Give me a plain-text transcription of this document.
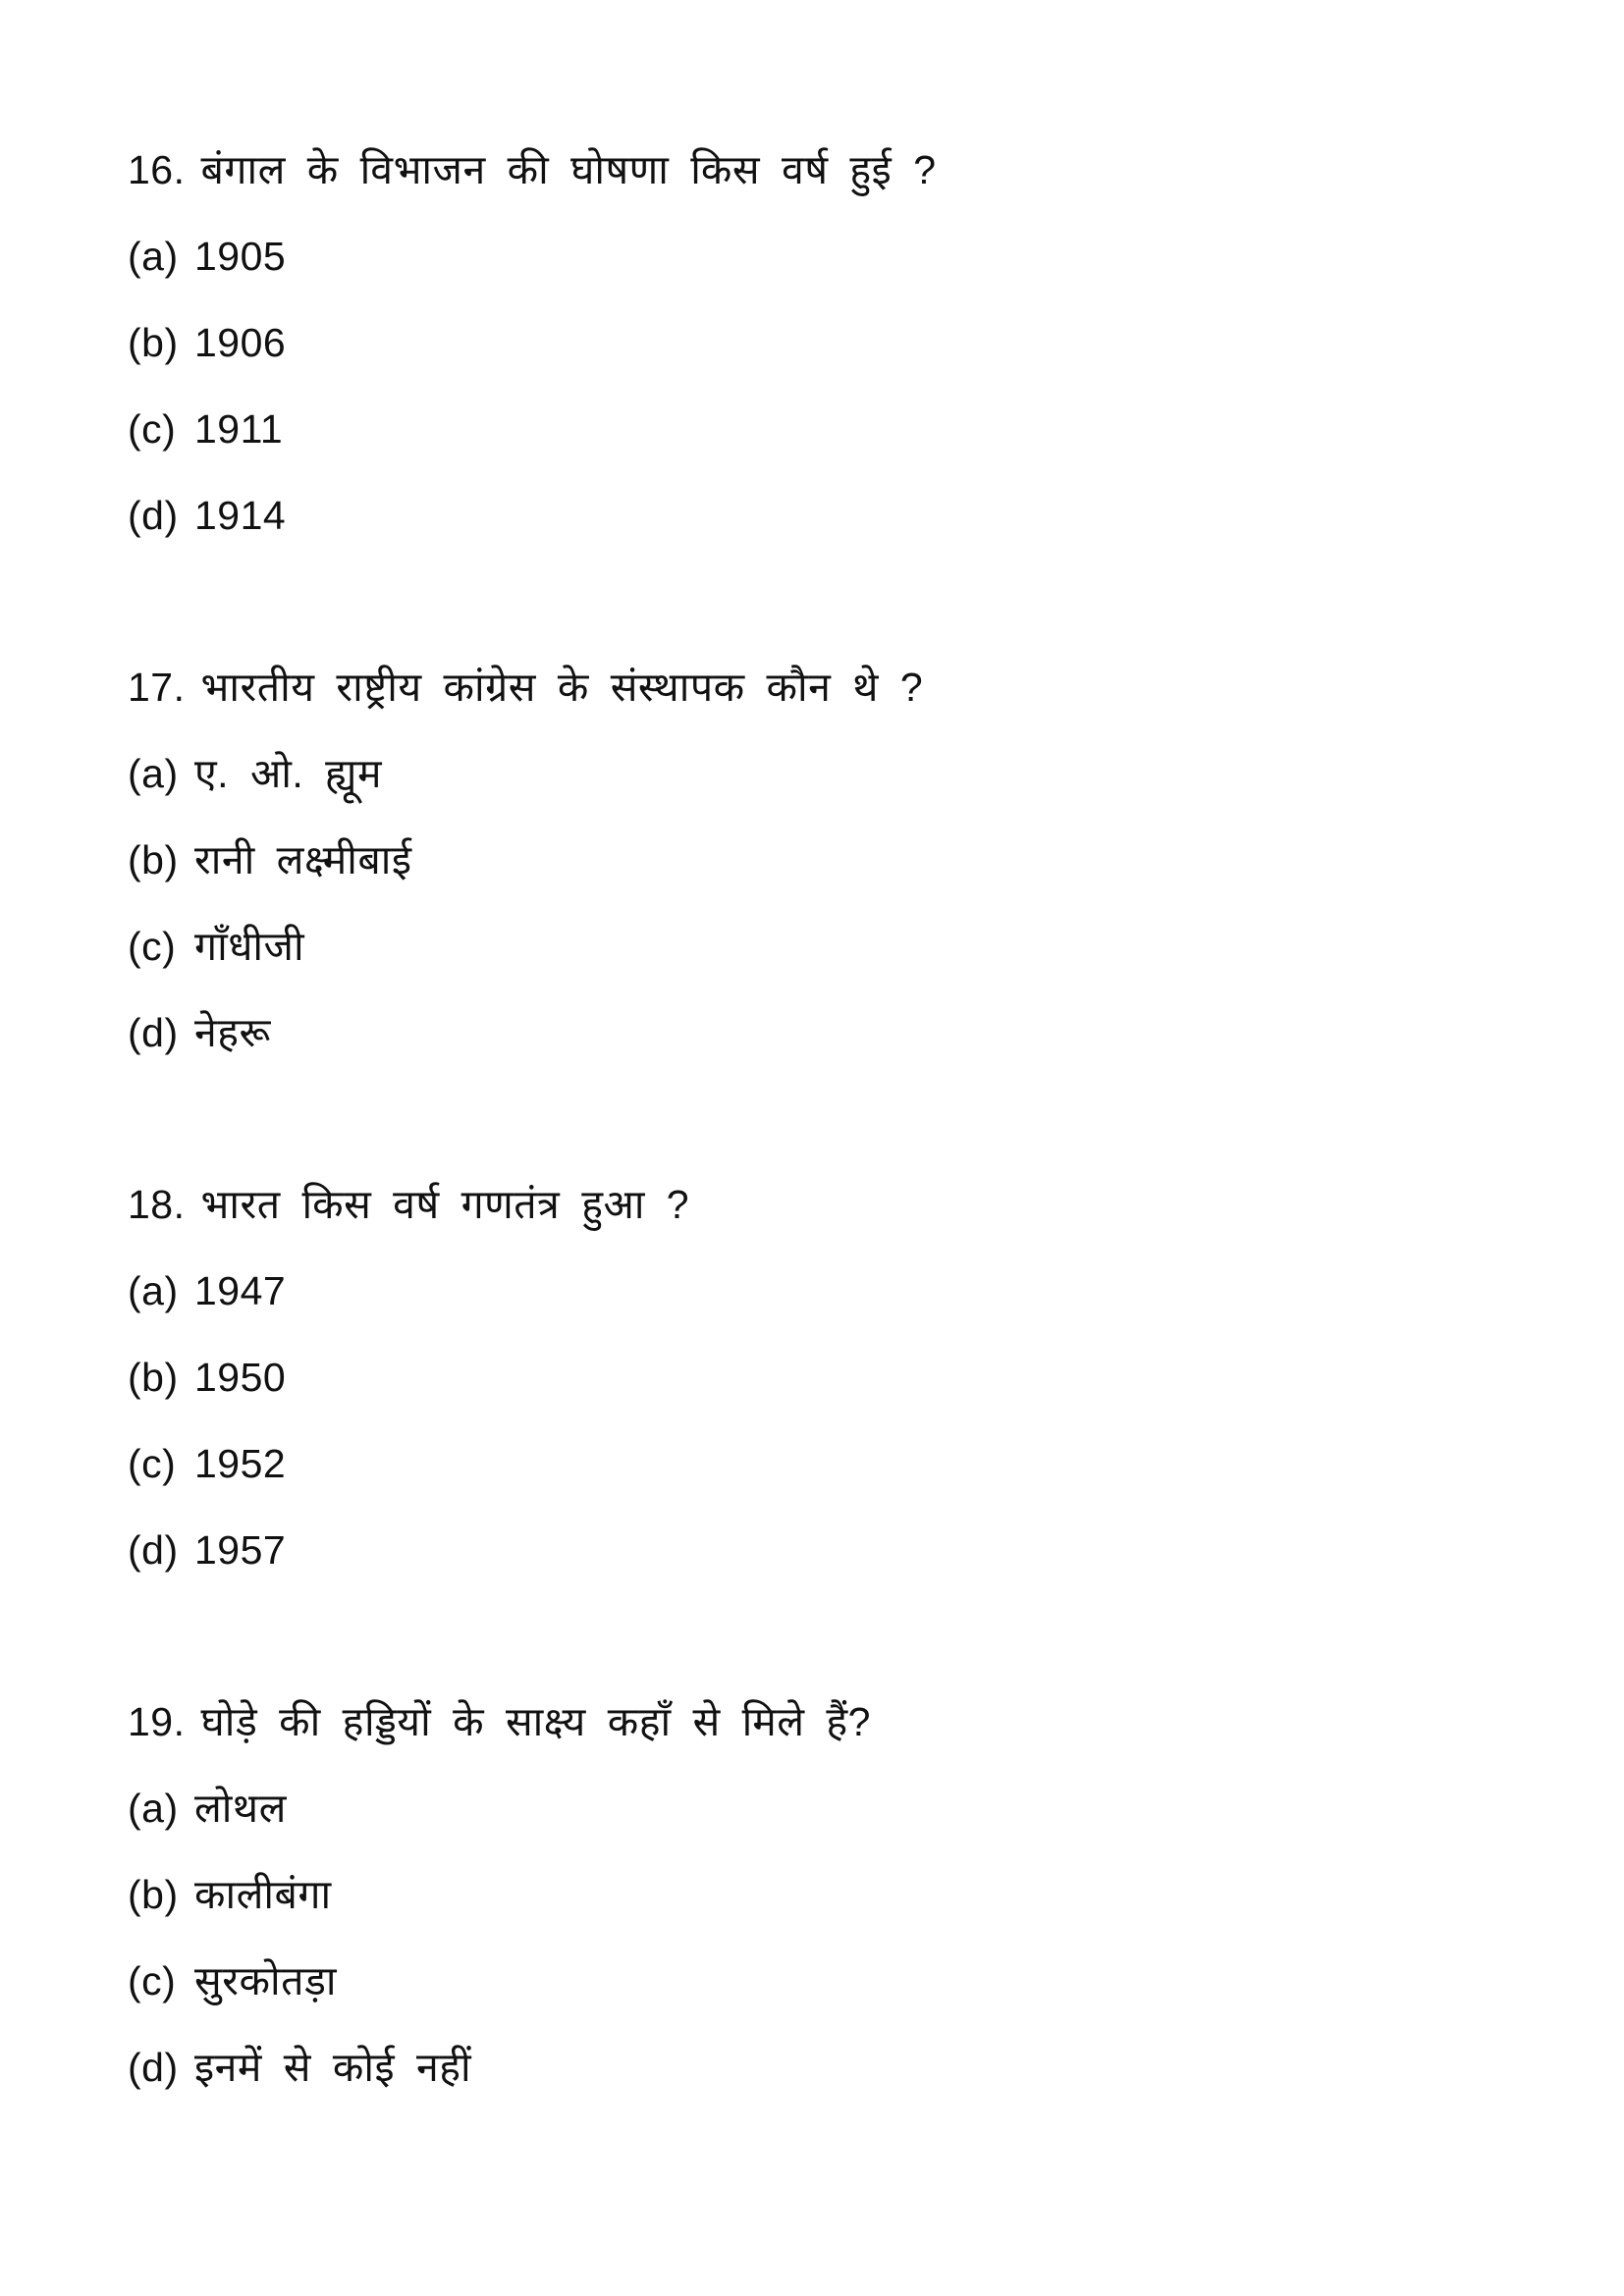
16. बंगाल के विभाजन की घोषणा किस वर्ष हुई ?
(a) 1905
(b) 1906
(c) 1911
(d) 1914
17. भारतीय राष्ट्रीय कांग्रेस के संस्थापक कौन थे ?
(a) ए. ओ. ह्यूम
(b) रानी लक्ष्मीबाई
(c) गाँधीजी
(d) नेहरू
18. भारत किस वर्ष गणतंत्र हुआ ?
(a) 1947
(b) 1950
(c) 1952
(d) 1957
19. घोड़े की हड्डियों के साक्ष्य कहाँ से मिले हैं?
(a) लोथल
(b) कालीबंगा
(c) सुरकोतड़ा
(d) इनमें से कोई नहीं
